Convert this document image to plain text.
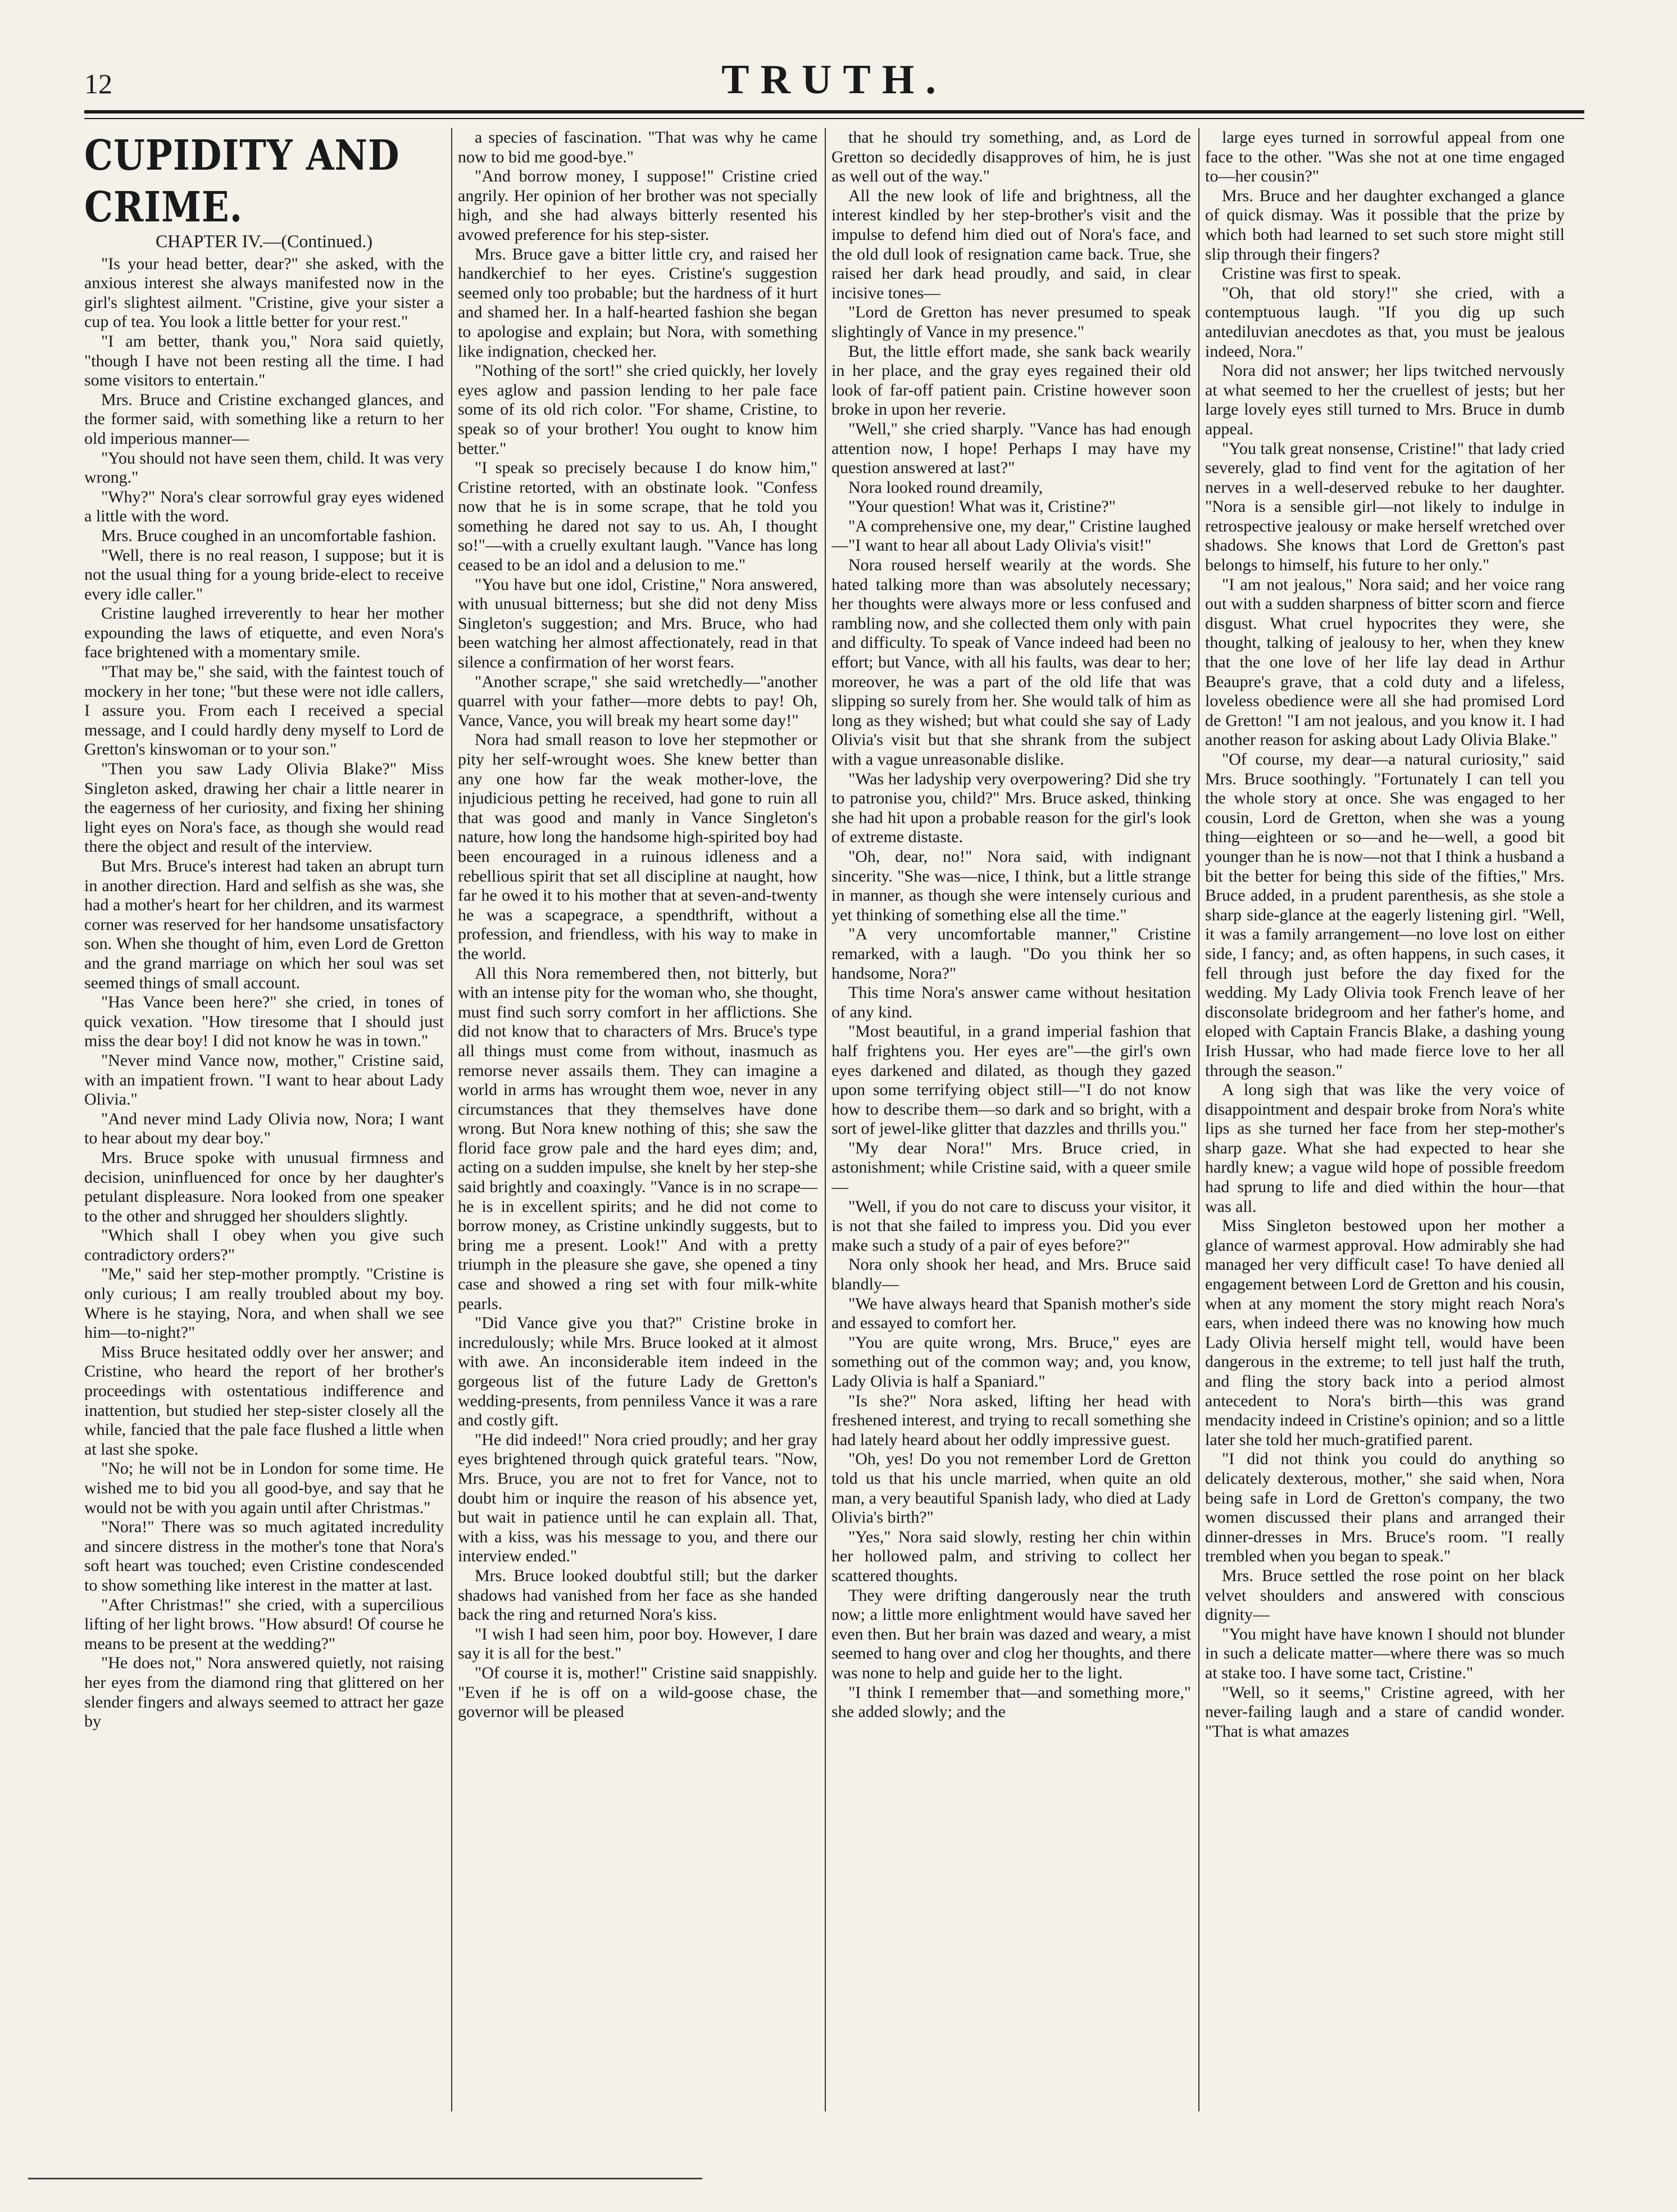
12	TRUTH.
CUPIDITY AND CRIME.
CHAPTER IV.—(Continued.)

"Is your head better, dear?" she asked, with the anxious interest she always manifested now in the girl's slightest ailment. "Cristine, give your sister a cup of tea. You look a little better for your rest."

"I am better, thank you," Nora said quietly, "though I have not been resting all the time. I had some visitors to entertain."

Mrs. Bruce and Cristine exchanged glances, and the former said, with something like a return to her old imperious manner—

"You should not have seen them, child. It was very wrong."

"Why?" Nora's clear sorrowful gray eyes widened a little with the word.

Mrs. Bruce coughed in an uncomfortable fashion.

"Well, there is no real reason, I suppose; but it is not the usual thing for a young bride-elect to receive every idle caller."

Cristine laughed irreverently to hear her mother expounding the laws of etiquette, and even Nora's face brightened with a momentary smile.

"That may be," she said, with the faintest touch of mockery in her tone; "but these were not idle callers, I assure you. From each I received a special message, and I could hardly deny myself to Lord de Gretton's kinswoman or to your son."

"Then you saw Lady Olivia Blake?" Miss Singleton asked, drawing her chair a little nearer in the eagerness of her curiosity, and fixing her shining light eyes on Nora's face, as though she would read there the object and result of the interview.

But Mrs. Bruce's interest had taken an abrupt turn in another direction. Hard and selfish as she was, she had a mother's heart for her children, and its warmest corner was reserved for her handsome unsatisfactory son. When she thought of him, even Lord de Gretton and the grand marriage on which her soul was set seemed things of small account.

"Has Vance been here?" she cried, in tones of quick vexation. "How tiresome that I should just miss the dear boy! I did not know he was in town."

"Never mind Vance now, mother," Cristine said, with an impatient frown. "I want to hear about Lady Olivia."

"And never mind Lady Olivia now, Nora; I want to hear about my dear boy."

Mrs. Bruce spoke with unusual firmness and decision, uninfluenced for once by her daughter's petulant displeasure. Nora looked from one speaker to the other and shrugged her shoulders slightly.

"Which shall I obey when you give such contradictory orders?"

"Me," said her step-mother promptly. "Cristine is only curious; I am really troubled about my boy. Where is he staying, Nora, and when shall we see him—to-night?"

Miss Bruce hesitated oddly over her answer; and Cristine, who heard the report of her brother's proceedings with ostentatious indifference and inattention, but studied her step-sister closely all the while, fancied that the pale face flushed a little when at last she spoke.

"No; he will not be in London for some time. He wished me to bid you all good-bye, and say that he would not be with you again until after Christmas."

"Nora!" There was so much agitated incredulity and sincere distress in the mother's tone that Nora's soft heart was touched; even Cristine condescended to show something like interest in the matter at last.

"After Christmas!" she cried, with a supercilious lifting of her light brows. "How absurd! Of course he means to be present at the wedding?"

"He does not," Nora answered quietly, not raising her eyes from the diamond ring that glittered on her slender fingers and always seemed to attract her gaze by

a species of fascination. "That was why he came now to bid me good-bye."

"And borrow money, I suppose!" Cristine cried angrily. Her opinion of her brother was not specially high, and she had always bitterly resented his avowed preference for his step-sister.

Mrs. Bruce gave a bitter little cry, and raised her handkerchief to her eyes. Cristine's suggestion seemed only too probable; but the hardness of it hurt and shamed her. In a half-hearted fashion she began to apologise and explain; but Nora, with something like indignation, checked her.

"Nothing of the sort!" she cried quickly, her lovely eyes aglow and passion lending to her pale face some of its old rich color. "For shame, Cristine, to speak so of your brother! You ought to know him better."

"I speak so precisely because I do know him," Cristine retorted, with an obstinate look. "Confess now that he is in some scrape, that he told you something he dared not say to us. Ah, I thought so!"—with a cruelly exultant laugh. "Vance has long ceased to be an idol and a delusion to me."

"You have but one idol, Cristine," Nora answered, with unusual bitterness; but she did not deny Miss Singleton's suggestion; and Mrs. Bruce, who had been watching her almost affectionately, read in that silence a confirmation of her worst fears.

"Another scrape," she said wretchedly—"another quarrel with your father—more debts to pay! Oh, Vance, Vance, you will break my heart some day!"

Nora had small reason to love her stepmother or pity her self-wrought woes. She knew better than any one how far the weak mother-love, the injudicious petting he received, had gone to ruin all that was good and manly in Vance Singleton's nature, how long the handsome high-spirited boy had been encouraged in a ruinous idleness and a rebellious spirit that set all discipline at naught, how far he owed it to his mother that at seven-and-twenty he was a scapegrace, a spendthrift, without a profession, and friendless, with his way to make in the world.

All this Nora remembered then, not bitterly, but with an intense pity for the woman who, she thought, must find such sorry comfort in her afflictions. She did not know that to characters of Mrs. Bruce's type all things must come from without, inasmuch as remorse never assails them. They can imagine a world in arms has wrought them woe, never in any circumstances that they themselves have done wrong. But Nora knew nothing of this; she saw the florid face grow pale and the hard eyes dim; and, acting on a sudden impulse, she knelt by her step-she said brightly and coaxingly. "Vance is in no scrape—he is in excellent spirits; and he did not come to borrow money, as Cristine unkindly suggests, but to bring me a present. Look!" And with a pretty triumph in the pleasure she gave, she opened a tiny case and showed a ring set with four milk-white pearls.

"Did Vance give you that?" Cristine broke in incredulously; while Mrs. Bruce looked at it almost with awe. An inconsiderable item indeed in the gorgeous list of the future Lady de Gretton's wedding-presents, from penniless Vance it was a rare and costly gift.

"He did indeed!" Nora cried proudly; and her gray eyes brightened through quick grateful tears. "Now, Mrs. Bruce, you are not to fret for Vance, not to doubt him or inquire the reason of his absence yet, but wait in patience until he can explain all. That, with a kiss, was his message to you, and there our interview ended."

Mrs. Bruce looked doubtful still; but the darker shadows had vanished from her face as she handed back the ring and returned Nora's kiss.

"I wish I had seen him, poor boy. However, I dare say it is all for the best."

"Of course it is, mother!" Cristine said snappishly. "Even if he is off on a wild-goose chase, the governor will be pleased

that he should try something, and, as Lord de Gretton so decidedly disapproves of him, he is just as well out of the way."

All the new look of life and brightness, all the interest kindled by her step-brother's visit and the impulse to defend him died out of Nora's face, and the old dull look of resignation came back. True, she raised her dark head proudly, and said, in clear incisive tones—

"Lord de Gretton has never presumed to speak slightingly of Vance in my presence."

But, the little effort made, she sank back wearily in her place, and the gray eyes regained their old look of far-off patient pain. Cristine however soon broke in upon her reverie.

"Well," she cried sharply. "Vance has had enough attention now, I hope! Perhaps I may have my question answered at last?"

Nora looked round dreamily,

"Your question! What was it, Cristine?"

"A comprehensive one, my dear," Cristine laughed—"I want to hear all about Lady Olivia's visit!"

Nora roused herself wearily at the words. She hated talking more than was absolutely necessary; her thoughts were always more or less confused and rambling now, and she collected them only with pain and difficulty. To speak of Vance indeed had been no effort; but Vance, with all his faults, was dear to her; moreover, he was a part of the old life that was slipping so surely from her. She would talk of him as long as they wished; but what could she say of Lady Olivia's visit but that she shrank from the subject with a vague unreasonable dislike.

"Was her ladyship very overpowering? Did she try to patronise you, child?" Mrs. Bruce asked, thinking she had hit upon a probable reason for the girl's look of extreme distaste.

"Oh, dear, no!" Nora said, with indignant sincerity. "She was—nice, I think, but a little strange in manner, as though she were intensely curious and yet thinking of something else all the time."

"A very uncomfortable manner," Cristine remarked, with a laugh. "Do you think her so handsome, Nora?"

This time Nora's answer came without hesitation of any kind.

"Most beautiful, in a grand imperial fashion that half frightens you. Her eyes are"—the girl's own eyes darkened and dilated, as though they gazed upon some terrifying object still—"I do not know how to describe them—so dark and so bright, with a sort of jewel-like glitter that dazzles and thrills you."

"My dear Nora!" Mrs. Bruce cried, in astonishment; while Cristine said, with a queer smile—

"Well, if you do not care to discuss your visitor, it is not that she failed to impress you. Did you ever make such a study of a pair of eyes before?"

Nora only shook her head, and Mrs. Bruce said blandly—

"We have always heard that Spanish mother's side and essayed to comfort her.

"You are quite wrong, Mrs. Bruce," eyes are something out of the common way; and, you know, Lady Olivia is half a Spaniard."

"Is she?" Nora asked, lifting her head with freshened interest, and trying to recall something she had lately heard about her oddly impressive guest.

"Oh, yes! Do you not remember Lord de Gretton told us that his uncle married, when quite an old man, a very beautiful Spanish lady, who died at Lady Olivia's birth?"

"Yes," Nora said slowly, resting her chin within her hollowed palm, and striving to collect her scattered thoughts.

They were drifting dangerously near the truth now; a little more enlightment would have saved her even then. But her brain was dazed and weary, a mist seemed to hang over and clog her thoughts, and there was none to help and guide her to the light.

"I think I remember that—and something more," she added slowly; and the

large eyes turned in sorrowful appeal from one face to the other. "Was she not at one time engaged to—her cousin?"

Mrs. Bruce and her daughter exchanged a glance of quick dismay. Was it possible that the prize by which both had learned to set such store might still slip through their fingers?

Cristine was first to speak.

"Oh, that old story!" she cried, with a contemptuous laugh. "If you dig up such antediluvian anecdotes as that, you must be jealous indeed, Nora."

Nora did not answer; her lips twitched nervously at what seemed to her the cruellest of jests; but her large lovely eyes still turned to Mrs. Bruce in dumb appeal.

"You talk great nonsense, Cristine!" that lady cried severely, glad to find vent for the agitation of her nerves in a well-deserved rebuke to her daughter. "Nora is a sensible girl—not likely to indulge in retrospective jealousy or make herself wretched over shadows. She knows that Lord de Gretton's past belongs to himself, his future to her only."

"I am not jealous," Nora said; and her voice rang out with a sudden sharpness of bitter scorn and fierce disgust. What cruel hypocrites they were, she thought, talking of jealousy to her, when they knew that the one love of her life lay dead in Arthur Beaupre's grave, that a cold duty and a lifeless, loveless obedience were all she had promised Lord de Gretton! "I am not jealous, and you know it. I had another reason for asking about Lady Olivia Blake."

"Of course, my dear—a natural curiosity," said Mrs. Bruce soothingly. "Fortunately I can tell you the whole story at once. She was engaged to her cousin, Lord de Gretton, when she was a young thing—eighteen or so—and he—well, a good bit younger than he is now—not that I think a husband a bit the better for being this side of the fifties," Mrs. Bruce added, in a prudent parenthesis, as she stole a sharp side-glance at the eagerly listening girl. "Well, it was a family arrangement—no love lost on either side, I fancy; and, as often happens, in such cases, it fell through just before the day fixed for the wedding. My Lady Olivia took French leave of her disconsolate bridegroom and her father's home, and eloped with Captain Francis Blake, a dashing young Irish Hussar, who had made fierce love to her all through the season."

A long sigh that was like the very voice of disappointment and despair broke from Nora's white lips as she turned her face from her step-mother's sharp gaze. What she had expected to hear she hardly knew; a vague wild hope of possible freedom had sprung to life and died within the hour—that was all.

Miss Singleton bestowed upon her mother a glance of warmest approval. How admirably she had managed her very difficult case! To have denied all engagement between Lord de Gretton and his cousin, when at any moment the story might reach Nora's ears, when indeed there was no knowing how much Lady Olivia herself might tell, would have been dangerous in the extreme; to tell just half the truth, and fling the story back into a period almost antecedent to Nora's birth—this was grand mendacity indeed in Cristine's opinion; and so a little later she told her much-gratified parent.

"I did not think you could do anything so delicately dexterous, mother," she said when, Nora being safe in Lord de Gretton's company, the two women discussed their plans and arranged their dinner-dresses in Mrs. Bruce's room. "I really trembled when you began to speak."

Mrs. Bruce settled the rose point on her black velvet shoulders and answered with conscious dignity—

"You might have have known I should not blunder in such a delicate matter—where there was so much at stake too. I have some tact, Cristine."

"Well, so it seems," Cristine agreed, with her never-failing laugh and a stare of candid wonder. "That is what amazes
